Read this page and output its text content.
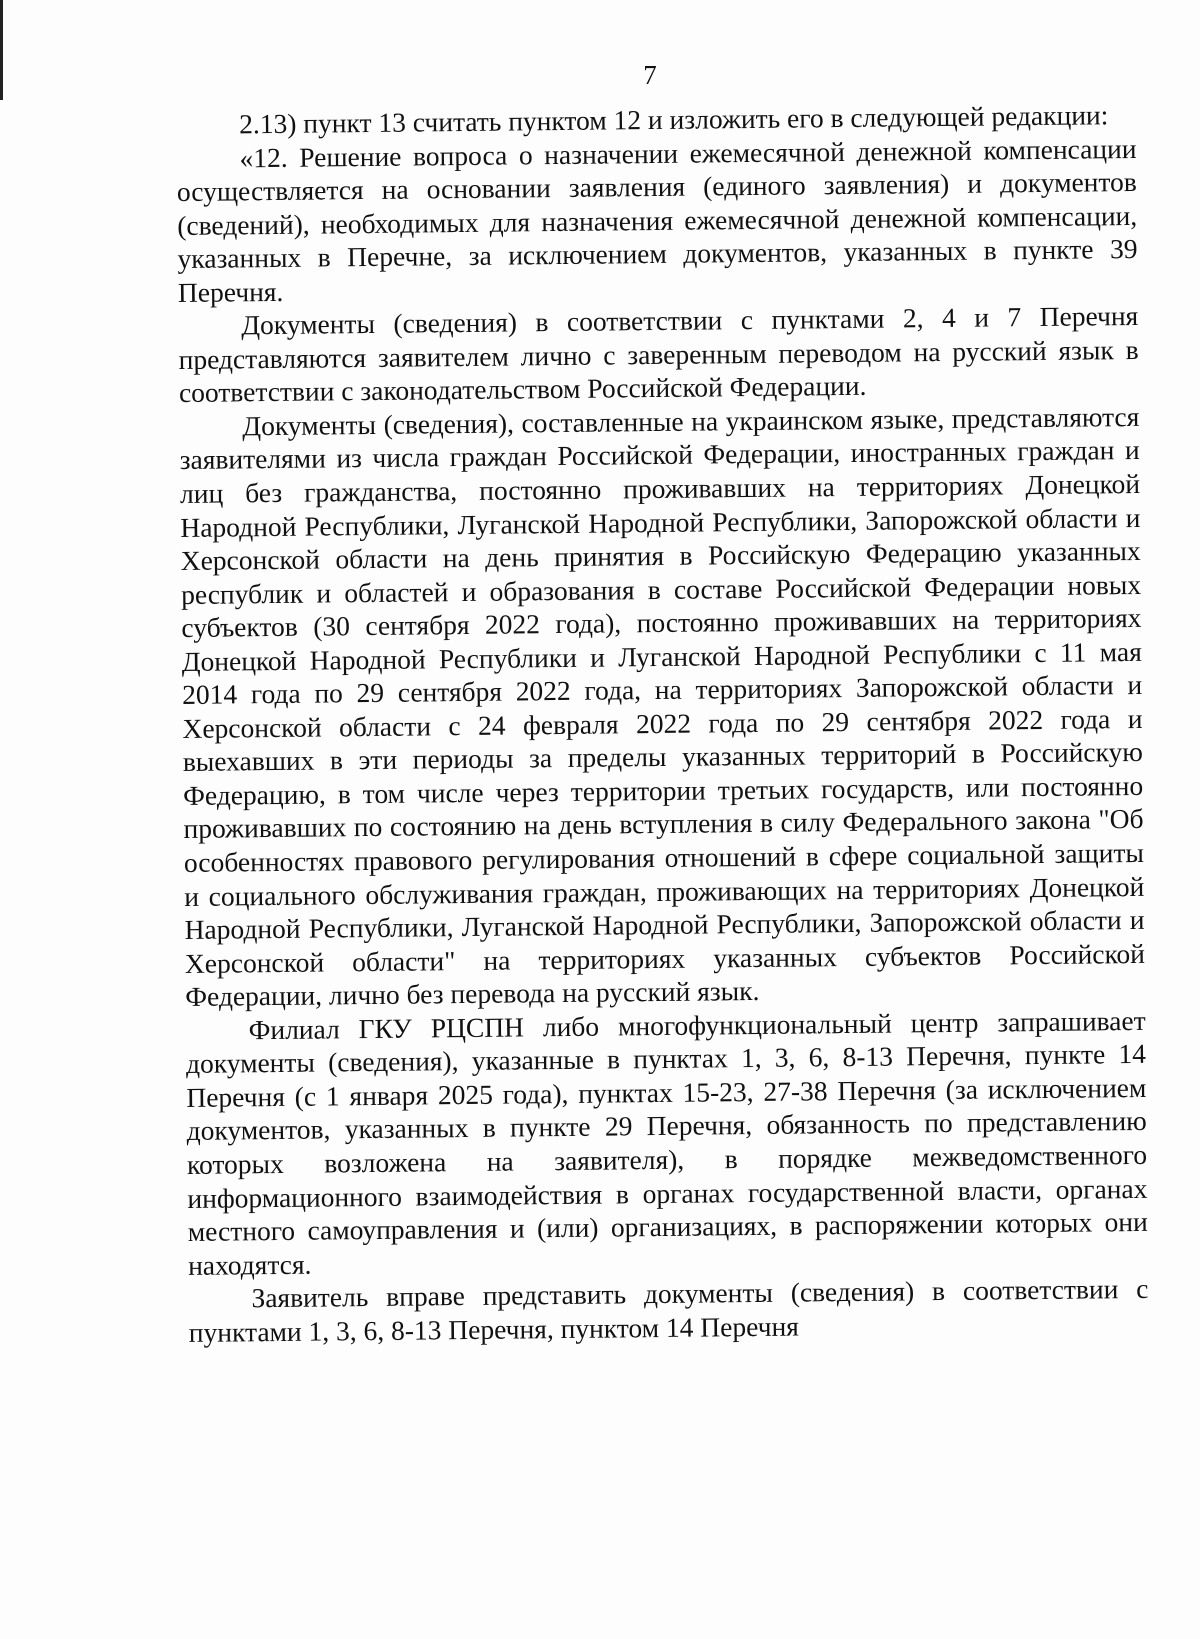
7

2.13) пункт 13 считать пунктом 12 и изложить его в следующей редакции:

«12. Решение вопроса о назначении ежемесячной денежной компенсации осуществляется на основании заявления (единого заявления) и документов (сведений), необходимых для назначения ежемесячной денежной компенсации, указанных в Перечне, за исключением документов, указанных в пункте 39 Перечня.

Документы (сведения) в соответствии с пунктами 2, 4 и 7 Перечня представляются заявителем лично с заверенным переводом на русский язык в соответствии с законодательством Российской Федерации.

Документы (сведения), составленные на украинском языке, представляются заявителями из числа граждан Российской Федерации, иностранных граждан и лиц без гражданства, постоянно проживавших на территориях Донецкой Народной Республики, Луганской Народной Республики, Запорожской области и Херсонской области на день принятия в Российскую Федерацию указанных республик и областей и образования в составе Российской Федерации новых субъектов (30 сентября 2022 года), постоянно проживавших на территориях Донецкой Народной Республики и Луганской Народной Республики с 11 мая 2014 года по 29 сентября 2022 года, на территориях Запорожской области и Херсонской области с 24 февраля 2022 года по 29 сентября 2022 года и выехавших в эти периоды за пределы указанных территорий в Российскую Федерацию, в том числе через территории третьих государств, или постоянно проживавших по состоянию на день вступления в силу Федерального закона "Об особенностях правового регулирования отношений в сфере социальной защиты и социального обслуживания граждан, проживающих на территориях Донецкой Народной Республики, Луганской Народной Республики, Запорожской области и Херсонской области" на территориях указанных субъектов Российской Федерации, лично без перевода на русский язык.

Филиал ГКУ РЦСПН либо многофункциональный центр запрашивает документы (сведения), указанные в пунктах 1, 3, 6, 8-13 Перечня, пункте 14 Перечня (с 1 января 2025 года), пунктах 15-23, 27-38 Перечня (за исключением документов, указанных в пункте 29 Перечня, обязанность по представлению которых возложена на заявителя), в порядке межведомственного информационного взаимодействия в органах государственной власти, органах местного самоуправления и (или) организациях, в распоряжении которых они находятся.

Заявитель вправе представить документы (сведения) в соответствии с пунктами 1, 3, 6, 8-13 Перечня, пунктом 14 Перечня
